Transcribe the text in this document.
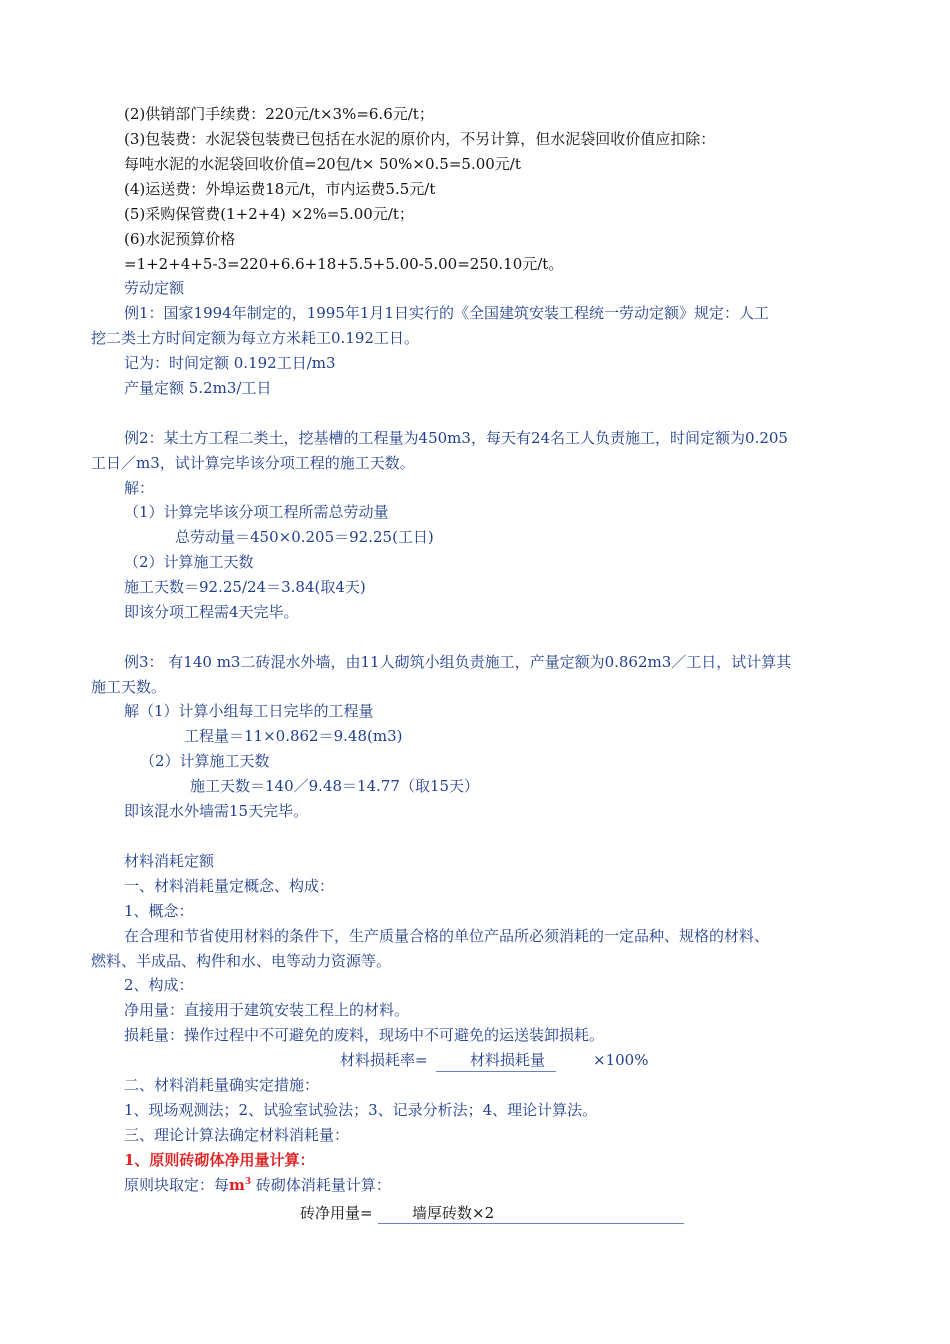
(2)供销部门手续费：220元/t×3%=6.6元/t；
(3)包装费：水泥袋包装费已包括在水泥的原价内，不另计算，但水泥袋回收价值应扣除：
每吨水泥的水泥袋回收价值=20包/t× 50%×0.5=5.00元/t
(4)运送费：外埠运费18元/t，市内运费5.5元/t
(5)采购保管费(1+2+4) ×2%=5.00元/t；
(6)水泥预算价格
=1+2+4+5-3=220+6.6+18+5.5+5.00-5.00=250.10元/t。
劳动定额
例1：国家1994年制定的，1995年1月1日实行的《全国建筑安装工程统一劳动定额》规定：人工
挖二类土方时间定额为每立方米耗工0.192工日。
记为：时间定额 0.192工日/m3
产量定额 5.2m3/工日
例2：某土方工程二类土，挖基槽的工程量为450m3，每天有24名工人负责施工，时间定额为0.205
工日／m3，试计算完毕该分项工程的施工天数。
解：
（1）计算完毕该分项工程所需总劳动量
总劳动量＝450×0.205＝92.25(工日)
（2）计算施工天数
施工天数＝92.25/24＝3.84(取4天)
即该分项工程需4天完毕。
例3： 有140 m3二砖混水外墙，由11人砌筑小组负责施工，产量定额为0.862m3／工日，试计算其
施工天数。
解（1）计算小组每工日完毕的工程量
工程量＝11×0.862＝9.48(m3)
（2）计算施工天数
施工天数＝140／9.48＝14.77（取15天）
即该混水外墙需15天完毕。
材料消耗定额
一、材料消耗量定概念、构成：
1、概念：
在合理和节省使用材料的条件下，生产质量合格的单位产品所必须消耗的一定品种、规格的材料、
燃料、半成品、构件和水、电等动力资源等。
2、构成：
净用量：直接用于建筑安装工程上的材料。
损耗量：操作过程中不可避免的废料，现场中不可避免的运送装卸损耗。
二、材料消耗量确实定措施：
1、现场观测法；2、试验室试验法；3、记录分析法；4、理论计算法。
三、理论计算法确定材料消耗量：
1、原则砖砌体净用量计算：
原则块取定：每$m^3$ 砖砌体消耗量计算：
材料损耗率=	材料损耗量	×100%
砖净用量=	墙厚砖数×2
